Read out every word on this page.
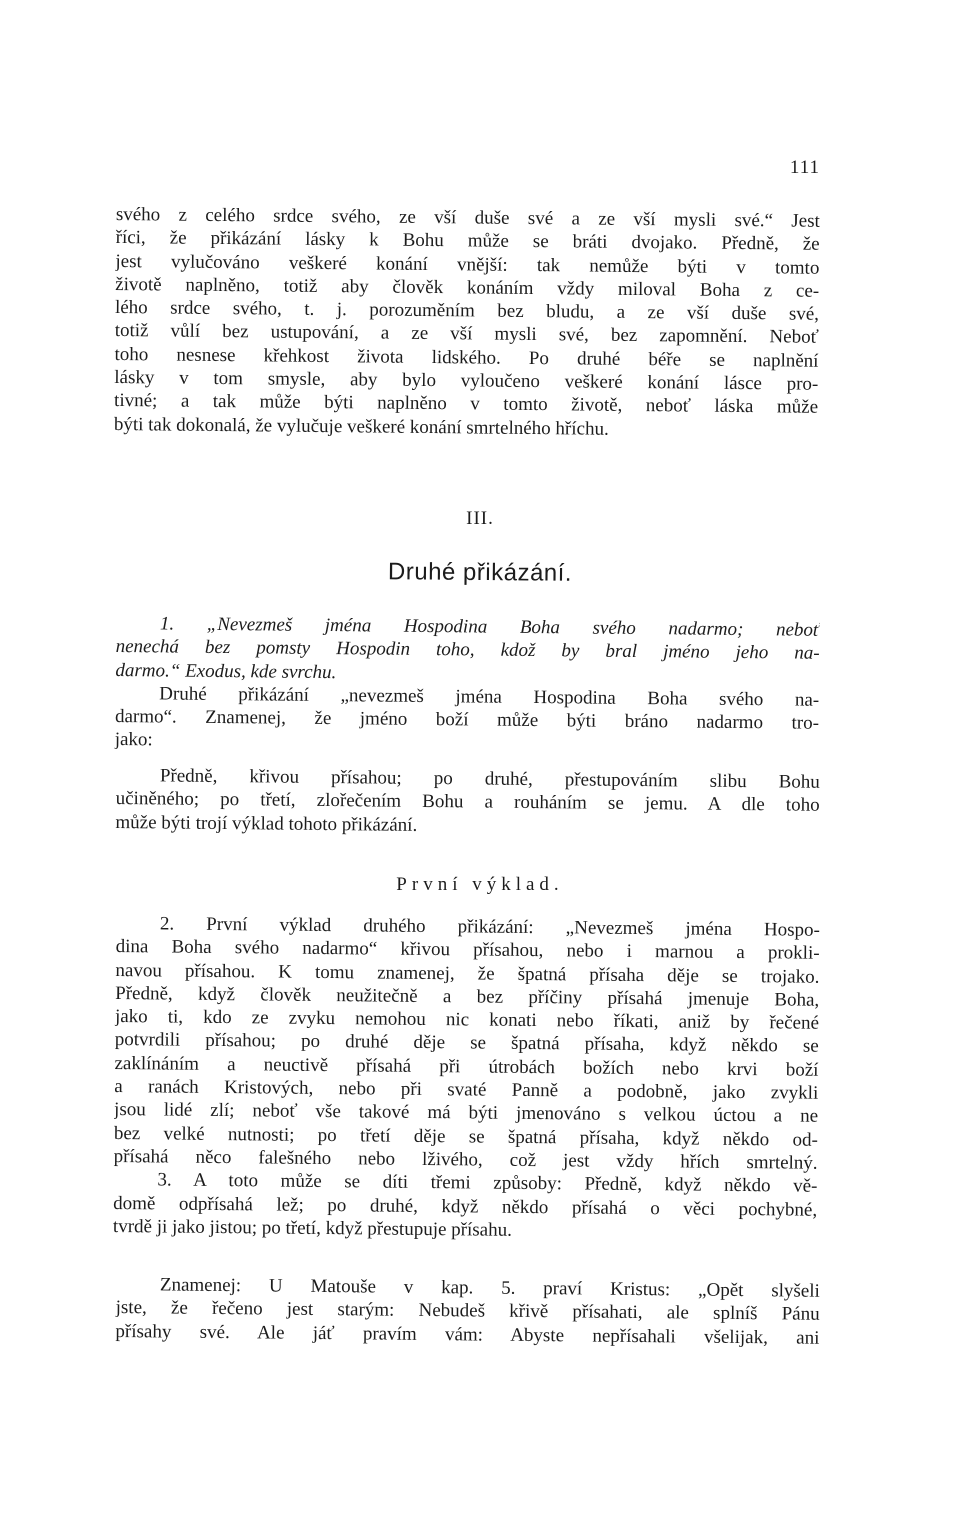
111
svého z celého srdce svého, ze vší duše své a ze vší mysli své.“ Jest
říci, že přikázání lásky k Bohu může se bráti dvojako. Předně, že
jest vylučováno veškeré konání vnější: tak nemůže býti v tomto
životě naplněno, totiž aby člověk konáním vždy miloval Boha z ce-
lého srdce svého, t. j. porozuměním bez bludu, a ze vší duše své,
totiž vůlí bez ustupování, a ze vší mysli své, bez zapomnění. Neboť
toho nesnese křehkost života lidského. Po druhé béře se naplnění
lásky v tom smysle, aby bylo vyloučeno veškeré konání lásce pro-
tivné; a tak může býti naplněno v tomto životě, neboť láska může
býti tak dokonalá, že vylučuje veškeré konání smrtelného hříchu.
III.
Druhé přikázání.
1. „Nevezmeš jména Hospodina Boha svého nadarmo; neboť
nenechá bez pomsty Hospodin toho, kdož by bral jméno jeho na-
darmo.“ Exodus, kde svrchu.
Druhé přikázání „nevezmeš jména Hospodina Boha svého na-
darmo“. Znamenej, že jméno boží může býti bráno nadarmo tro-
jako:
Předně, křivou přísahou; po druhé, přestupováním slibu Bohu
učiněného; po třetí, zlořečením Bohu a rouháním se jemu. A dle toho
může býti trojí výklad tohoto přikázání.
První výklad.
2. První výklad druhého přikázání: „Nevezmeš jména Hospo-
dina Boha svého nadarmo“ křivou přísahou, nebo i marnou a prokli-
navou přísahou. K tomu znamenej, že špatná přísaha děje se trojako.
Předně, když člověk neužitečně a bez příčiny přísahá jmenuje Boha,
jako ti, kdo ze zvyku nemohou nic konati nebo říkati, aniž by řečené
potvrdili přísahou; po druhé děje se špatná přísaha, když někdo se
zaklínáním a neuctivě přísahá při útrobách božích nebo krvi boží
a ranách Kristových, nebo při svaté Panně a podobně, jako zvykli
jsou lidé zlí; neboť vše takové má býti jmenováno s velkou úctou a ne
bez velké nutnosti; po třetí děje se špatná přísaha, když někdo od-
přísahá něco falešného nebo lživého, což jest vždy hřích smrtelný.
3. A toto může se díti třemi způsoby: Předně, když někdo vě-
domě odpřísahá lež; po druhé, když někdo přísahá o věci pochybné,
tvrdě ji jako jistou; po třetí, když přestupuje přísahu.
Znamenej: U Matouše v kap. 5. praví Kristus: „Opět slyšeli
jste, že řečeno jest starým: Nebudeš křivě přísahati, ale splníš Pánu
přísahy své. Ale jáť pravím vám: Abyste nepřísahali všelijak, ani
